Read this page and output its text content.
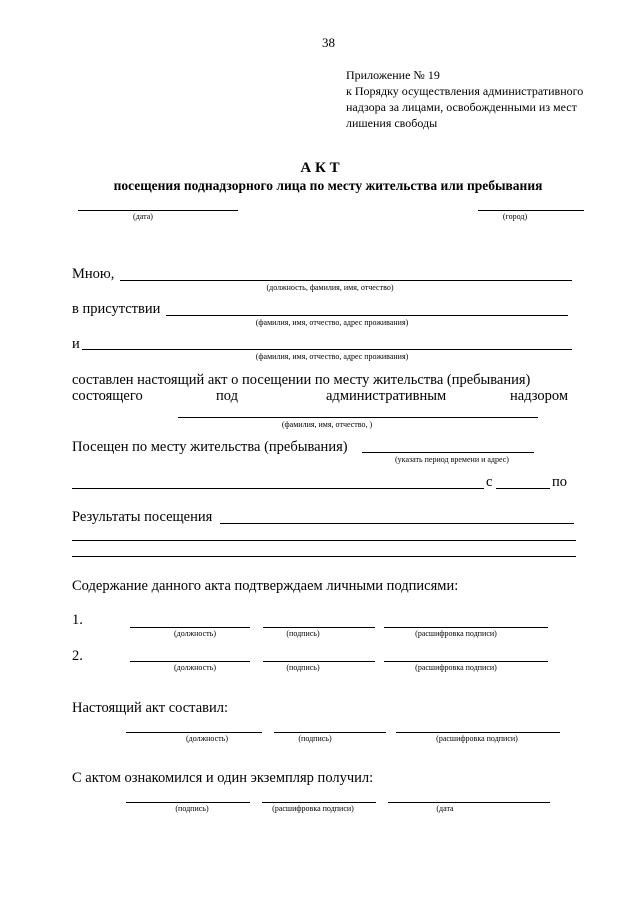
38
Приложение № 19
к Порядку осуществления административного
надзора за лицами, освобожденными из мест
лишения свободы
А К Т
посещения поднадзорного лица по месту жительства или пребывания
(дата)	(город)
Мною,
(должность, фамилия, имя, отчество)
в присутствии
(фамилия, имя, отчество, адрес проживания)
и
(фамилия, имя, отчество, адрес проживания)
составлен настоящий акт о посещении по месту жительства (пребывания)
состоящего	под	административным	надзором
(фамилия, имя, отчество, )
Посещен по месту жительства (пребывания)
(указать период времени и адрес)
с	по
Результаты посещения
Содержание данного акта подтверждаем личными подписями:
1.
(должность)	(подпись)	(расшифровка подписи)
2.
(должность)	(подпись)	(расшифровка подписи)
Настоящий акт составил:
(должность)	(подпись)	(расшифровка подписи)
С актом ознакомился и один экземпляр получил:
(подпись)	(расшифровка подписи)	(дата
